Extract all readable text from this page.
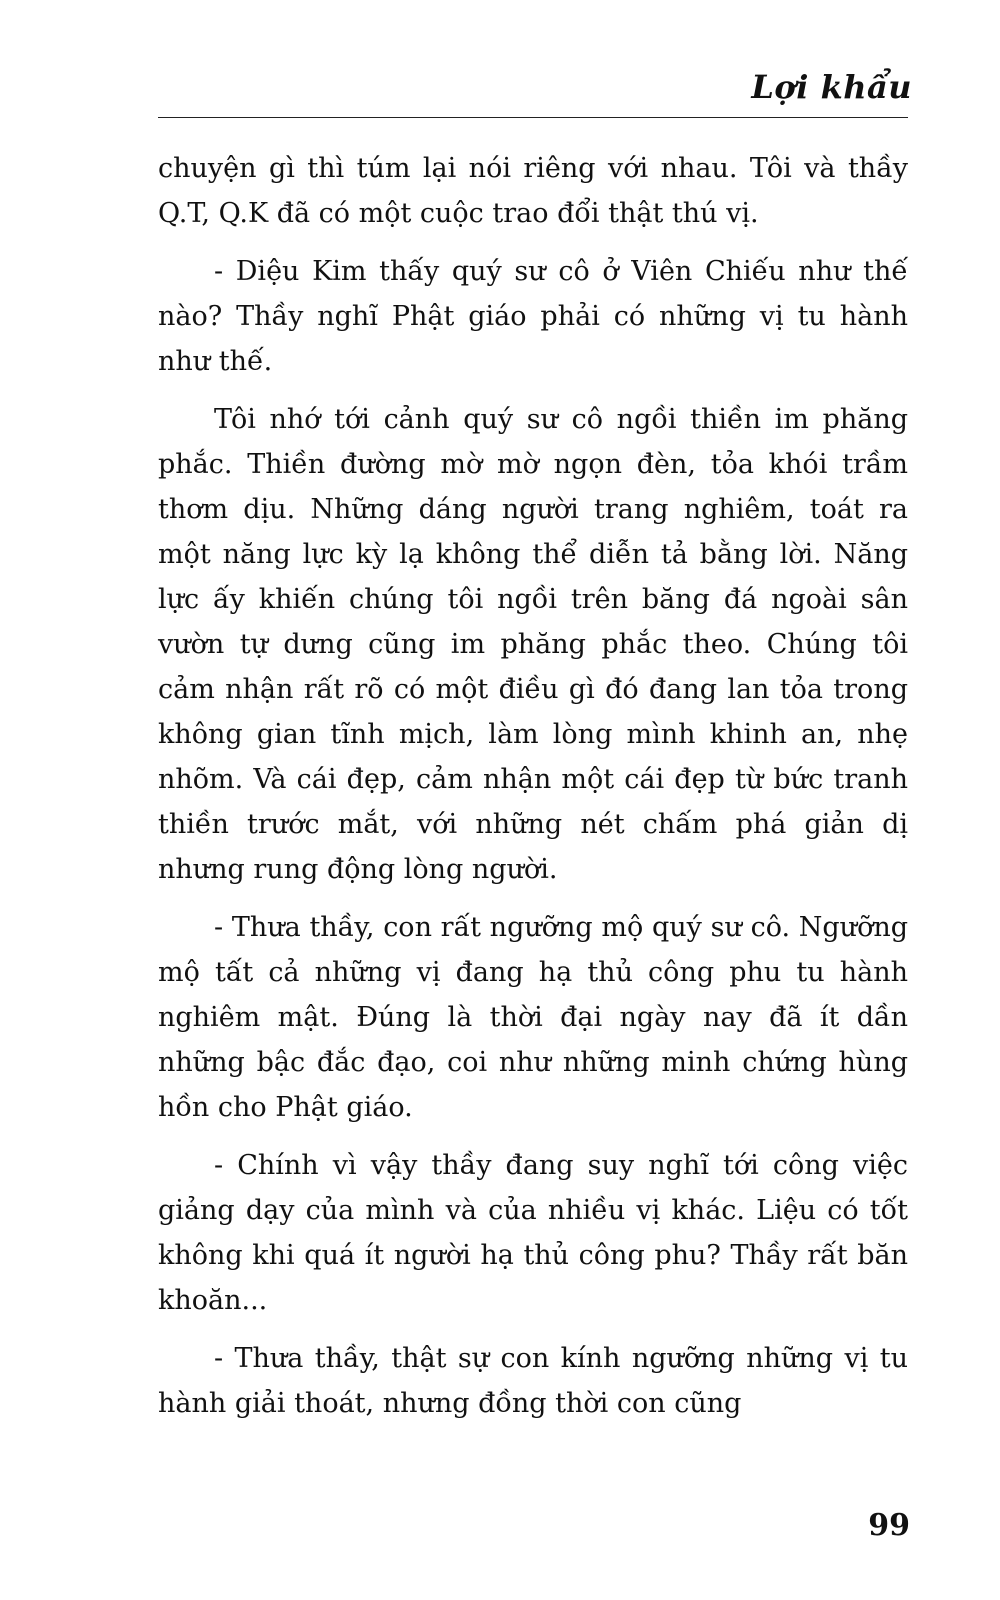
Lợi khẩu

chuyện gì thì túm lại nói riêng với nhau. Tôi và thầy Q.T, Q.K đã có một cuộc trao đổi thật thú vị.

- Diệu Kim thấy quý sư cô ở Viên Chiếu như thế nào? Thầy nghĩ Phật giáo phải có những vị tu hành như thế.

Tôi nhớ tới cảnh quý sư cô ngồi thiền im phăng phắc. Thiền đường mờ mờ ngọn đèn, tỏa khói trầm thơm dịu. Những dáng người trang nghiêm, toát ra một năng lực kỳ lạ không thể diễn tả bằng lời. Năng lực ấy khiến chúng tôi ngồi trên băng đá ngoài sân vườn tự dưng cũng im phăng phắc theo. Chúng tôi cảm nhận rất rõ có một điều gì đó đang lan tỏa trong không gian tĩnh mịch, làm lòng mình khinh an, nhẹ nhõm. Và cái đẹp, cảm nhận một cái đẹp từ bức tranh thiền trước mắt, với những nét chấm phá giản dị nhưng rung động lòng người.

- Thưa thầy, con rất ngưỡng mộ quý sư cô. Ngưỡng mộ tất cả những vị đang hạ thủ công phu tu hành nghiêm mật. Đúng là thời đại ngày nay đã ít dần những bậc đắc đạo, coi như những minh chứng hùng hồn cho Phật giáo.

- Chính vì vậy thầy đang suy nghĩ tới công việc giảng dạy của mình và của nhiều vị khác. Liệu có tốt không khi quá ít người hạ thủ công phu? Thầy rất băn khoăn...

- Thưa thầy, thật sự con kính ngưỡng những vị tu hành giải thoát, nhưng đồng thời con cũng

99
